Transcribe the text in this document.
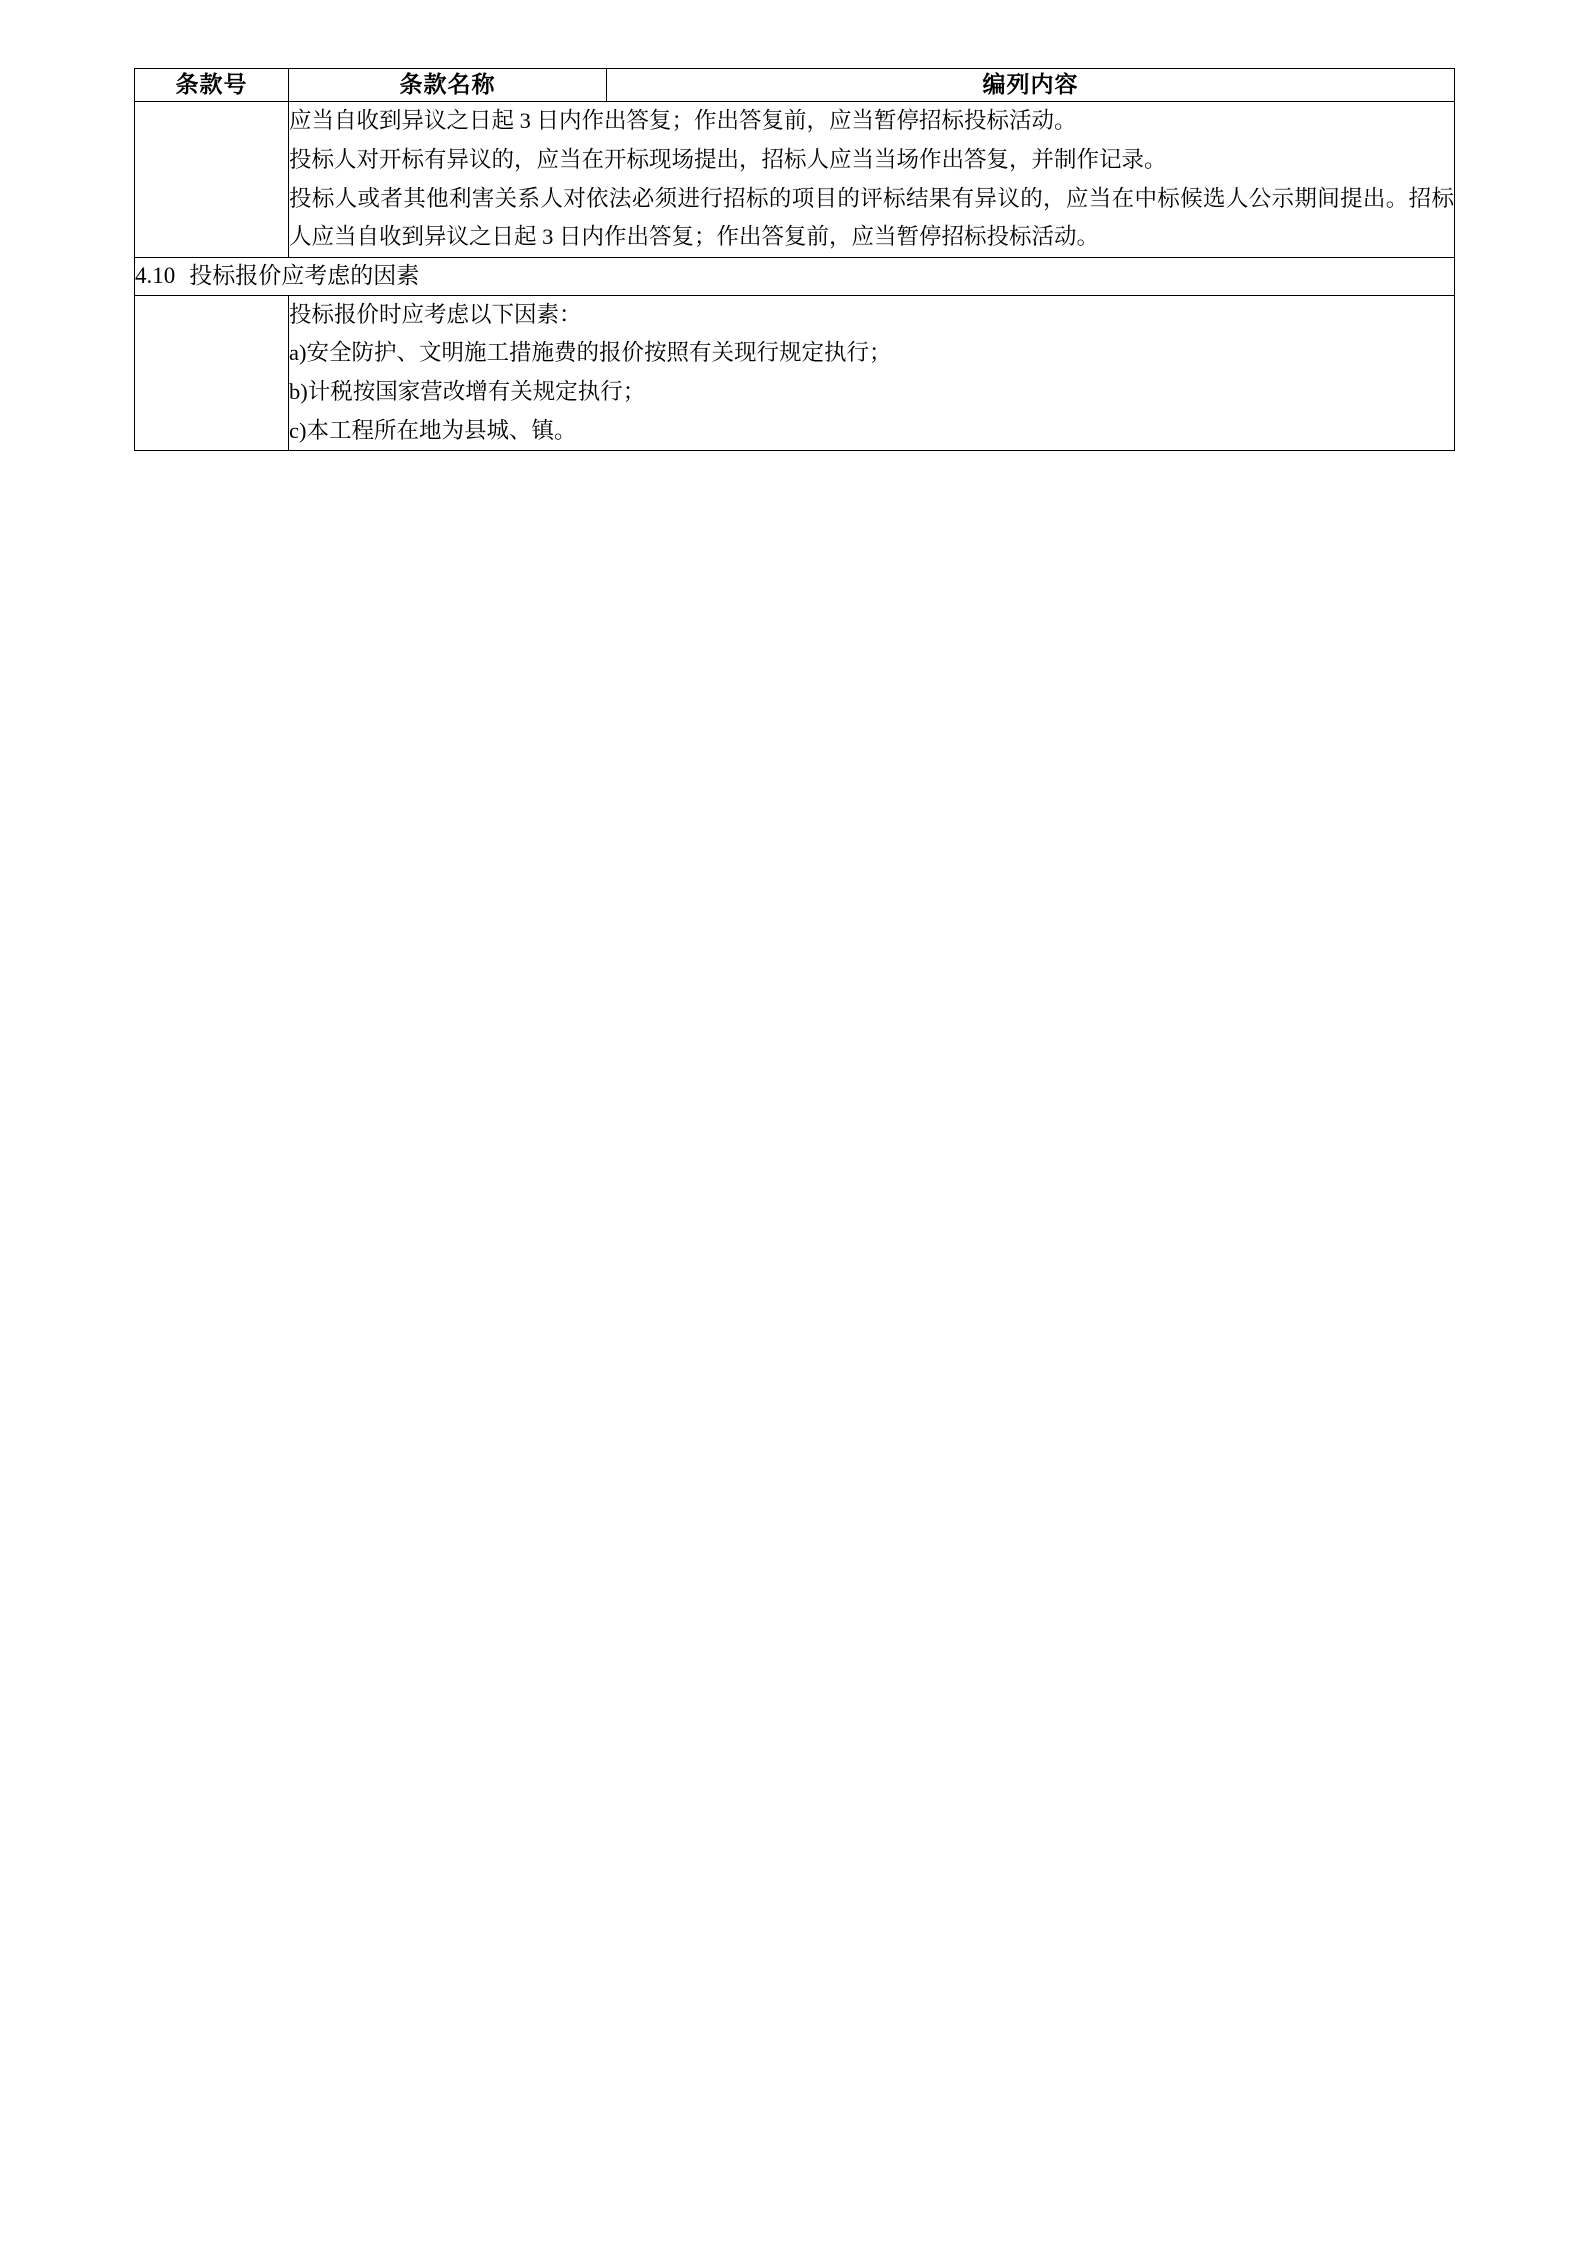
条款号	条款名称	编列内容

	应当自收到异议之日起 3 日内作出答复；作出答复前，应当暂停招标投标活动。

投标人对开标有异议的，应当在开标现场提出，招标人应当当场作出答复，并制作记录。

投标人或者其他利害关系人对依法必须进行招标的项目的评标结果有异议的，应当在中标候选人公示期间提出。招标人应当自收到异议之日起 3 日内作出答复；作出答复前，应当暂停招标投标活动。	

4.10 投标报价应考虑的因素		

	投标报价时应考虑以下因素：

a)安全防护、文明施工措施费的报价按照有关现行规定执行；

b)计税按国家营改增有关规定执行；

c)本工程所在地为县城、镇。	
